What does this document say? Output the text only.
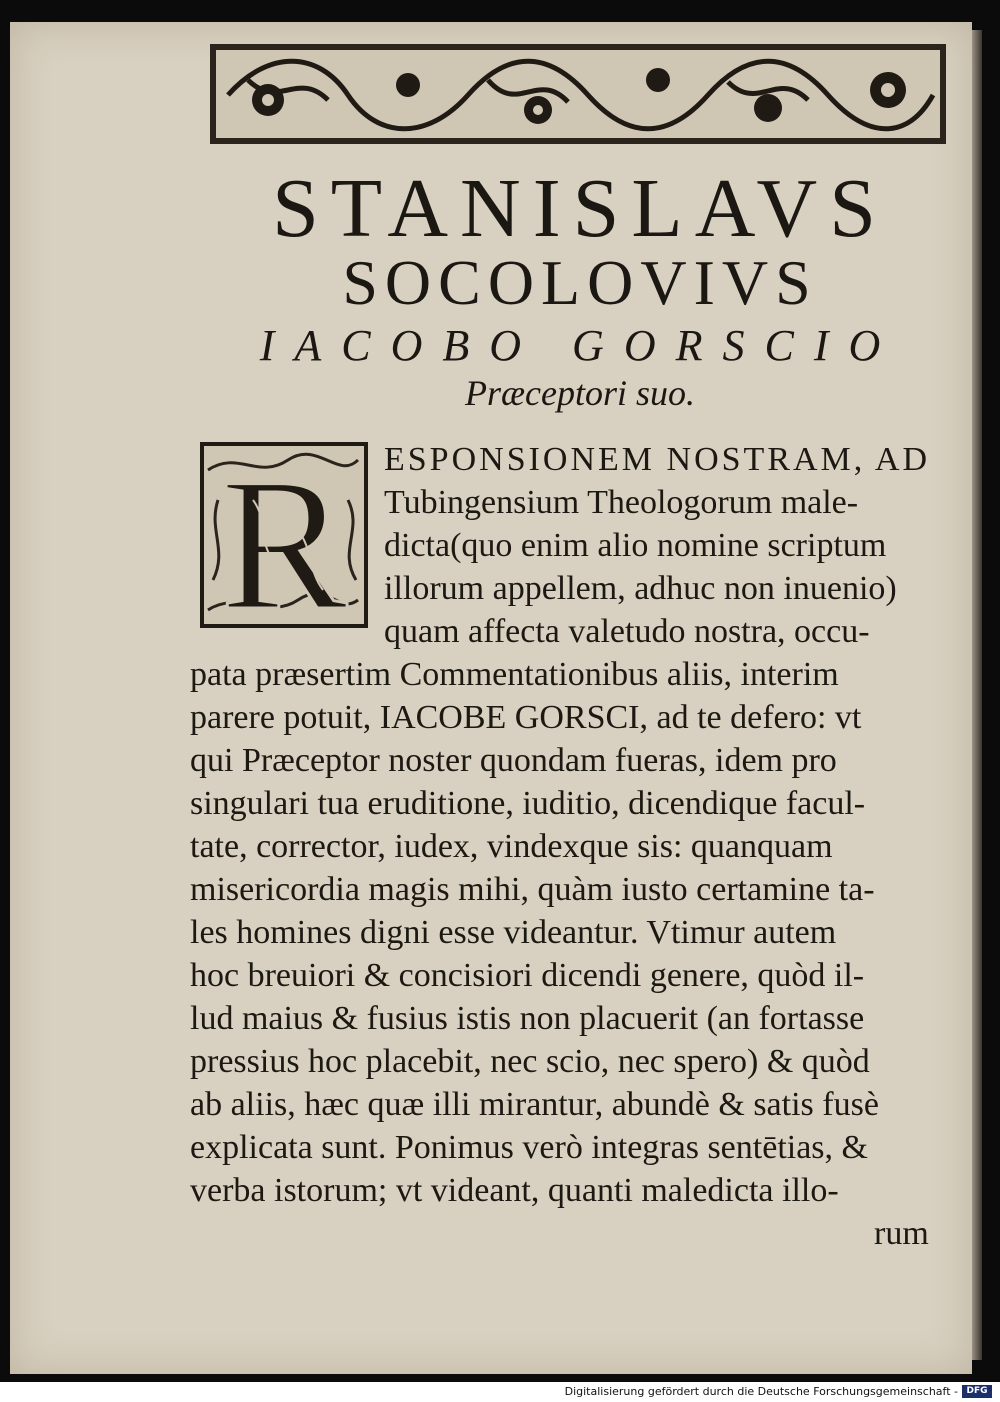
STANISLAVS
SOCOLOVIVS
IACOBO GORSCIO
Præceptori suo.
R ESPONSIONEM NOSTRAM, AD
Tubingensium Theologorum male-
dicta(quo enim alio nomine scriptum
illorum appellem, adhuc non inuenio)
quam affecta valetudo nostra, occu-
pata præsertim Commentationibus aliis, interim
parere potuit, IACOBE GORSCI, ad te defero: vt
qui Præceptor noster quondam fueras, idem pro
singulari tua eruditione, iuditio, dicendique facul-
tate, corrector, iudex, vindexque sis: quanquam
misericordia magis mihi, quàm iusto certamine ta-
les homines digni esse videantur. Vtimur autem
hoc breuiori & concisiori dicendi genere, quòd il-
lud maius & fusius istis non placuerit (an fortasse
pressius hoc placebit, nec scio, nec spero) & quòd
ab aliis, hæc quæ illi mirantur, abundè & satis fusè
explicata sunt. Ponimus verò integras sentētias, &
verba istorum; vt videant, quanti maledicta illo-
rum
Digitalisierung gefördert durch die Deutsche Forschungsgemeinschaft - DFG
